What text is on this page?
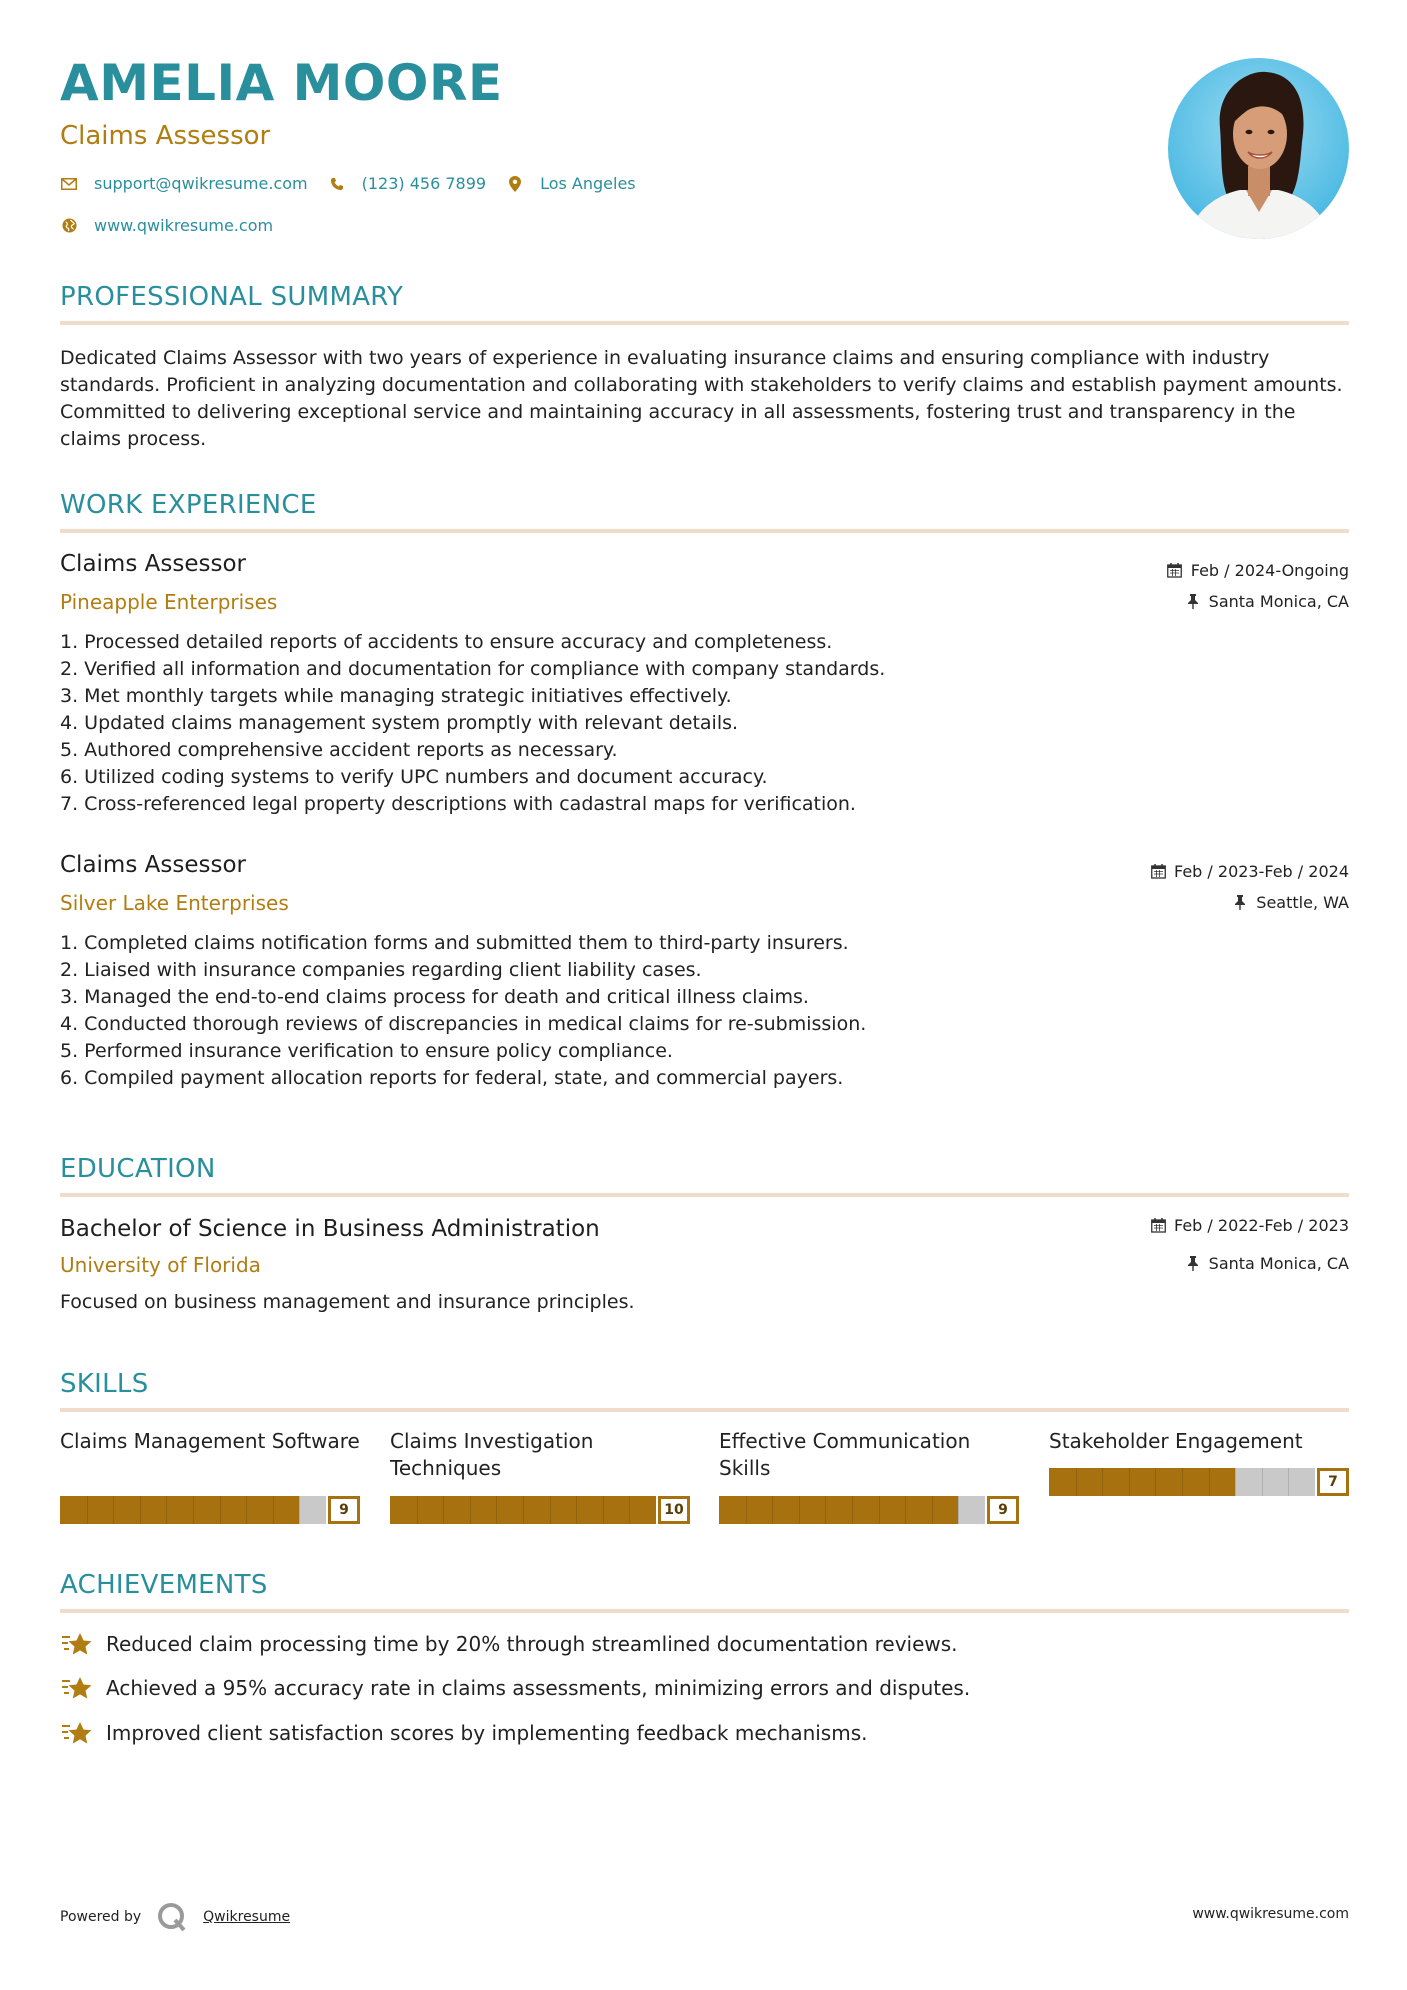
AMELIA MOORE
Claims Assessor
support@qwikresume.com	(123) 456 7899	Los Angeles
www.qwikresume.com
PROFESSIONAL SUMMARY
Dedicated Claims Assessor with two years of experience in evaluating insurance claims and ensuring compliance with industry standards. Proficient in analyzing documentation and collaborating with stakeholders to verify claims and establish payment amounts. Committed to delivering exceptional service and maintaining accuracy in all assessments, fostering trust and transparency in the claims process.
WORK EXPERIENCE
Claims Assessor
Pineapple Enterprises
Feb / 2024-Ongoing
Santa Monica, CA
1. Processed detailed reports of accidents to ensure accuracy and completeness.
2. Verified all information and documentation for compliance with company standards.
3. Met monthly targets while managing strategic initiatives effectively.
4. Updated claims management system promptly with relevant details.
5. Authored comprehensive accident reports as necessary.
6. Utilized coding systems to verify UPC numbers and document accuracy.
7. Cross-referenced legal property descriptions with cadastral maps for verification.
Claims Assessor
Silver Lake Enterprises
Feb / 2023-Feb / 2024
Seattle, WA
1. Completed claims notification forms and submitted them to third-party insurers.
2. Liaised with insurance companies regarding client liability cases.
3. Managed the end-to-end claims process for death and critical illness claims.
4. Conducted thorough reviews of discrepancies in medical claims for re-submission.
5. Performed insurance verification to ensure policy compliance.
6. Compiled payment allocation reports for federal, state, and commercial payers.
EDUCATION
Bachelor of Science in Business Administration
University of Florida
Feb / 2022-Feb / 2023
Santa Monica, CA
Focused on business management and insurance principles.
SKILLS
Claims Management Software
9
Claims Investigation Techniques
10
Effective Communication Skills
9
Stakeholder Engagement
7
ACHIEVEMENTS
Reduced claim processing time by 20% through streamlined documentation reviews.
Achieved a 95% accuracy rate in claims assessments, minimizing errors and disputes.
Improved client satisfaction scores by implementing feedback mechanisms.
Powered by	Qwikresume	www.qwikresume.com
